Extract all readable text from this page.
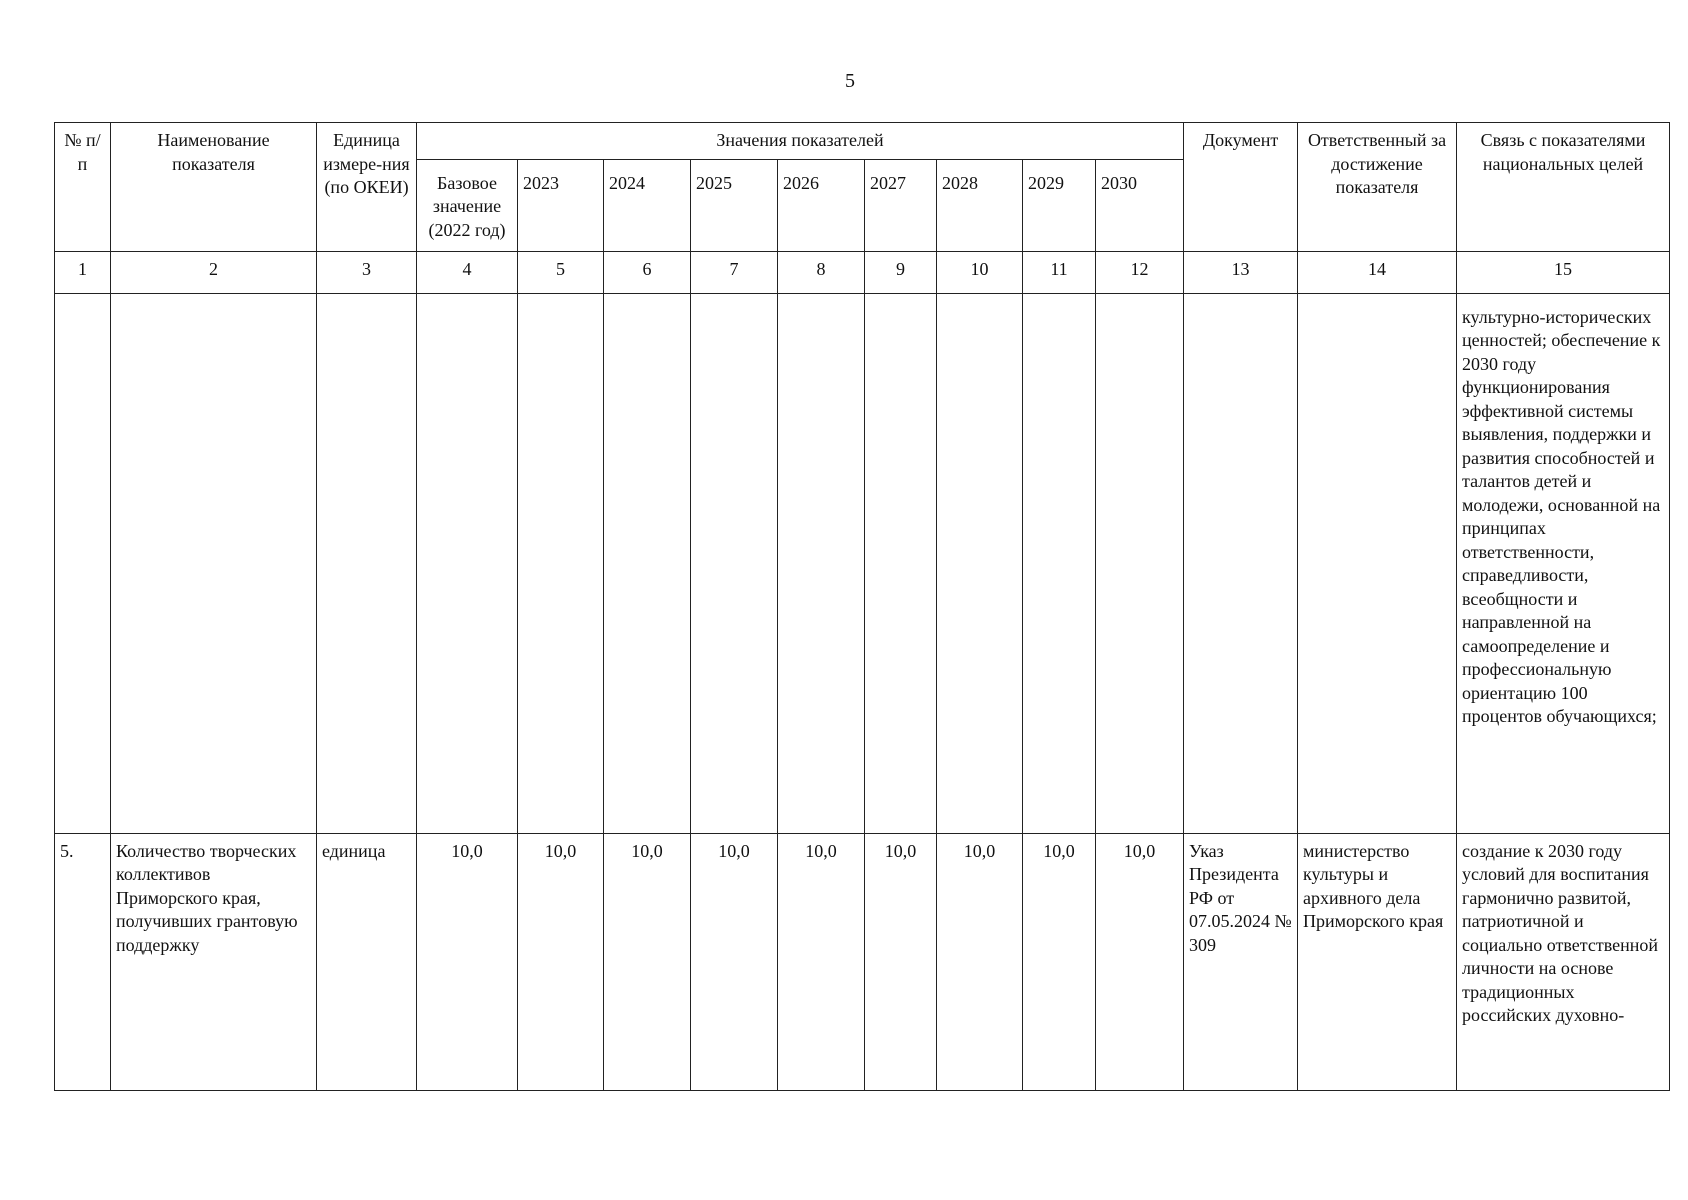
5
№ п/п	Наименование показателя	Единица измере-ния (по ОКЕИ)	Значения показателей									Документ	Ответственный за достижение показателя	Связь с показателями национальных целей
			Базовое значение (2022 год)	2023	2024	2025	2026	2027	2028	2029	2030			
1	2	3	4	5	6	7	8	9	10	11	12	13	14	15
														культурно-исторических ценностей; обеспечение к 2030 году функционирования эффективной системы выявления, поддержки и развития способностей и талантов детей и молодежи, основанной на принципах ответственности, справедливости, всеобщности и направленной на самоопределение и профессиональную ориентацию 100 процентов обучающихся;
5.	Количество творческих коллективов Приморского края, получивших грантовую поддержку	единица	10,0	10,0	10,0	10,0	10,0	10,0	10,0	10,0	10,0	Указ Президента РФ от 07.05.2024 № 309	министерство культуры и архивного дела Приморского края	создание к 2030 году условий для воспитания гармонично развитой, патриотичной и социально ответственной личности на основе традиционных российских духовно-
